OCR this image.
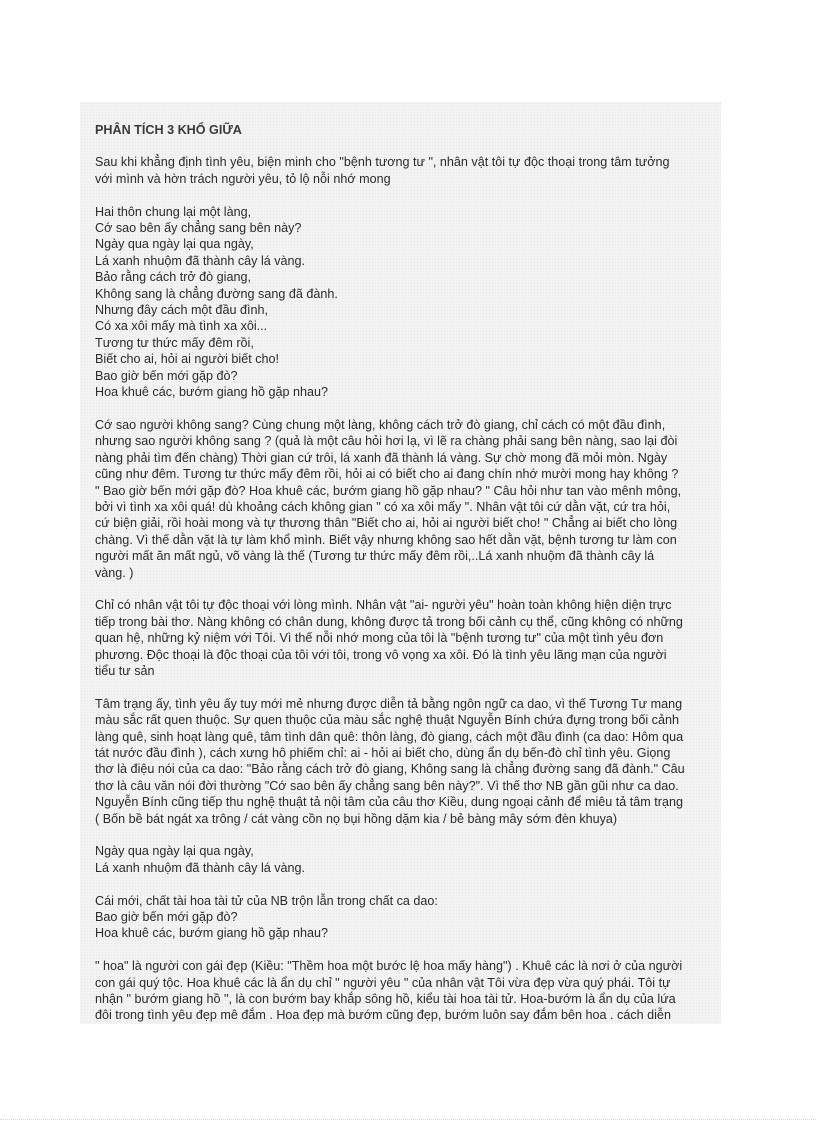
PHÂN TÍCH 3 KHỔ GIỮA
Sau khi khẳng định tình yêu, biện minh cho "bệnh tương tư ", nhân vật tôi tự độc thoại trong tâm tưởng
với mình và hờn trách người yêu, tỏ lộ nỗi nhớ mong
Hai thôn chung lại một làng,
Cớ sao bên ấy chẳng sang bên này?
Ngày qua ngày lại qua ngày,
Lá xanh nhuộm đã thành cây lá vàng.
Bảo rằng cách trở đò giang,
Không sang là chẳng đường sang đã đành.
Nhưng đây cách một đầu đình,
Có xa xôi mấy mà tình xa xôi...
Tương tư thức mấy đêm rồi,
Biết cho ai, hỏi ai người biết cho!
Bao giờ bến mới gặp đò?
Hoa khuê các, bướm giang hồ gặp nhau?
Cớ sao người không sang? Cùng chung một làng, không cách trở đò giang, chỉ cách có một đầu đình,
nhưng sao người không sang ? (quả là một câu hỏi hơi lạ, vì lẽ ra chàng phải sang bên nàng, sao lại đòi
nàng phải tìm đến chàng) Thời gian cứ trôi, lá xanh đã thành lá vàng. Sự chờ mong đã mỏi mòn. Ngày
cũng như đêm. Tương tư thức mấy đêm rồi, hỏi ai có biết cho ai đang chín nhớ mười mong hay không ?
" Bao giờ bến mới gặp đò? Hoa khuê các, bướm giang hồ gặp nhau? " Câu hỏi như tan vào mênh mông,
bởi vì tình xa xôi quá! dù khoảng cách không gian " có xa xôi mấy ". Nhân vật tôi cứ dằn vặt, cứ tra hỏi,
cứ biện giải, rồi hoài mong và tự thương thân "Biết cho ai, hỏi ai người biết cho! " Chẳng ai biết cho lòng
chàng. Vì thế dằn vặt là tự làm khổ mình. Biết vậy nhưng không sao hết dằn vặt, bệnh tương tư làm con
người mất ăn mất ngủ, võ vàng là thế (Tương tư thức mấy đêm rồi,..Lá xanh nhuộm đã thành cây lá
vàng. )
Chỉ có nhân vật tôi tự độc thoại với lòng mình. Nhân vật "ai- người yêu" hoàn toàn không hiện diện trực
tiếp trong bài thơ. Nàng không có chân dung, không được tả trong bối cảnh cụ thể, cũng không có những
quan hệ, những kỷ niệm với Tôi. Vì thế nỗi nhớ mong của tôi là "bệnh tương tư" của một tình yêu đơn
phương. Độc thoại là độc thoại của tôi với tôi, trong vô vọng xa xôi. Đó là tình yêu lãng mạn của người
tiểu tư sản
Tâm trạng ấy, tình yêu ấy tuy mới mẻ nhưng được diễn tả bằng ngôn ngữ ca dao, vì thế Tương Tư mang
màu sắc rất quen thuộc. Sự quen thuộc của màu sắc nghệ thuật Nguyễn Bính chứa đựng trong bối cảnh
làng quê, sinh hoạt làng quê, tâm tình dân quê: thôn làng, đò giang, cách một đầu đình (ca dao: Hôm qua
tát nước đầu đình ), cách xưng hô phiếm chỉ: ai - hỏi ai biết cho, dùng ẩn dụ bến-đò chỉ tình yêu. Giọng
thơ là điệu nói của ca dao: "Bảo rằng cách trở đò giang, Không sang là chẳng đường sang đã đành." Câu
thơ là câu văn nói đời thường "Cớ sao bên ấy chẳng sang bên này?". Vì thế thơ NB gần gũi như ca dao.
Nguyễn Bính cũng tiếp thu nghệ thuật tả nội tâm của câu thơ Kiều, dung ngoại cảnh để miêu tả tâm trạng
( Bốn bề bát ngát xa trông / cát vàng cồn nọ bụi hồng dặm kia / bẻ bàng mây sớm đèn khuya)
Ngày qua ngày lại qua ngày,
Lá xanh nhuộm đã thành cây lá vàng.
Cái mới, chất tài hoa tài tử của NB trộn lẫn trong chất ca dao:
Bao giờ bến mới gặp đò?
Hoa khuê các, bướm giang hồ gặp nhau?
" hoa" là người con gái đẹp (Kiều: "Thềm hoa một bước lệ hoa mấy hàng") . Khuê các là nơi ở của người
con gái quý tộc. Hoa khuê các là ẩn dụ chỉ " người yêu " của nhân vật Tôi vừa đẹp vừa quý phái. Tôi tự
nhận " bướm giang hồ ", là con bướm bay khắp sông hồ, kiểu tài hoa tài tử. Hoa-bướm là ẩn dụ của lứa
đôi trong tình yêu đẹp mê đắm . Hoa đẹp mà bướm cũng đẹp, bướm luôn say đắm bên hoa . cách diễn
